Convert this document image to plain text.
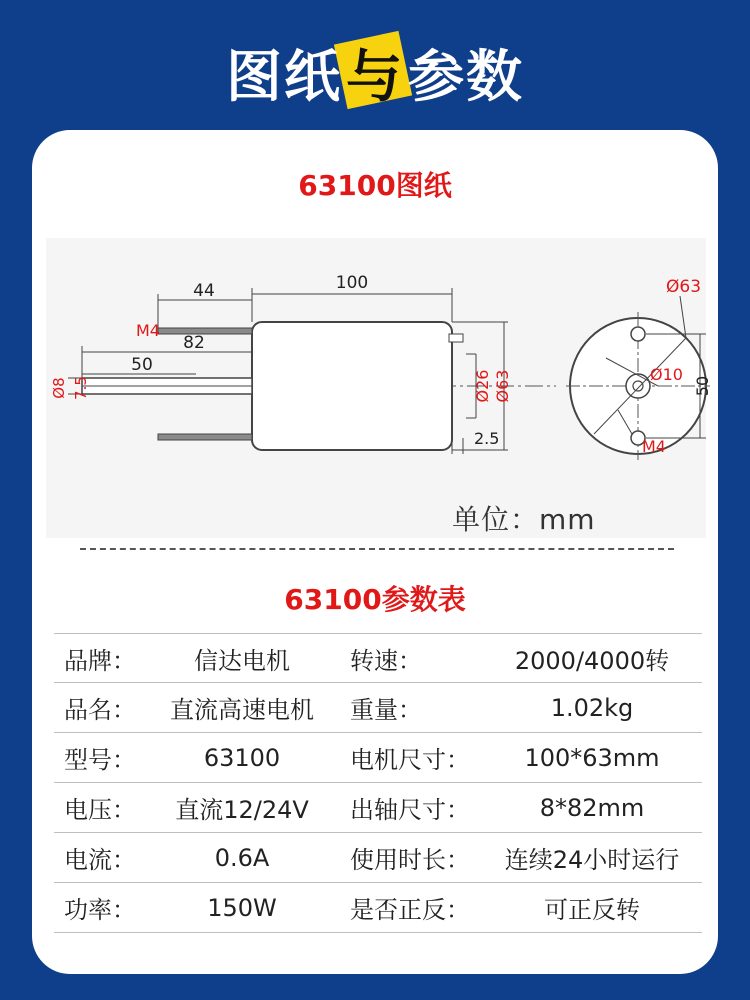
图纸 与 参数
63100图纸
44	100
M4
82
50
Ø8 7.5	Ø26 Ø63
2.5
Ø63
Ø10
50
M4
单位：mm
63100参数表
品牌：	信达电机	转速：	2000/4000转
品名：	直流高速电机	重量：	1.02kg
型号：	63100	电机尺寸：	100*63mm
电压：	直流12/24V	出轴尺寸：	8*82mm
电流：	0.6A	使用时长：	连续24小时运行
功率：	150W	是否正反：	可正反转
